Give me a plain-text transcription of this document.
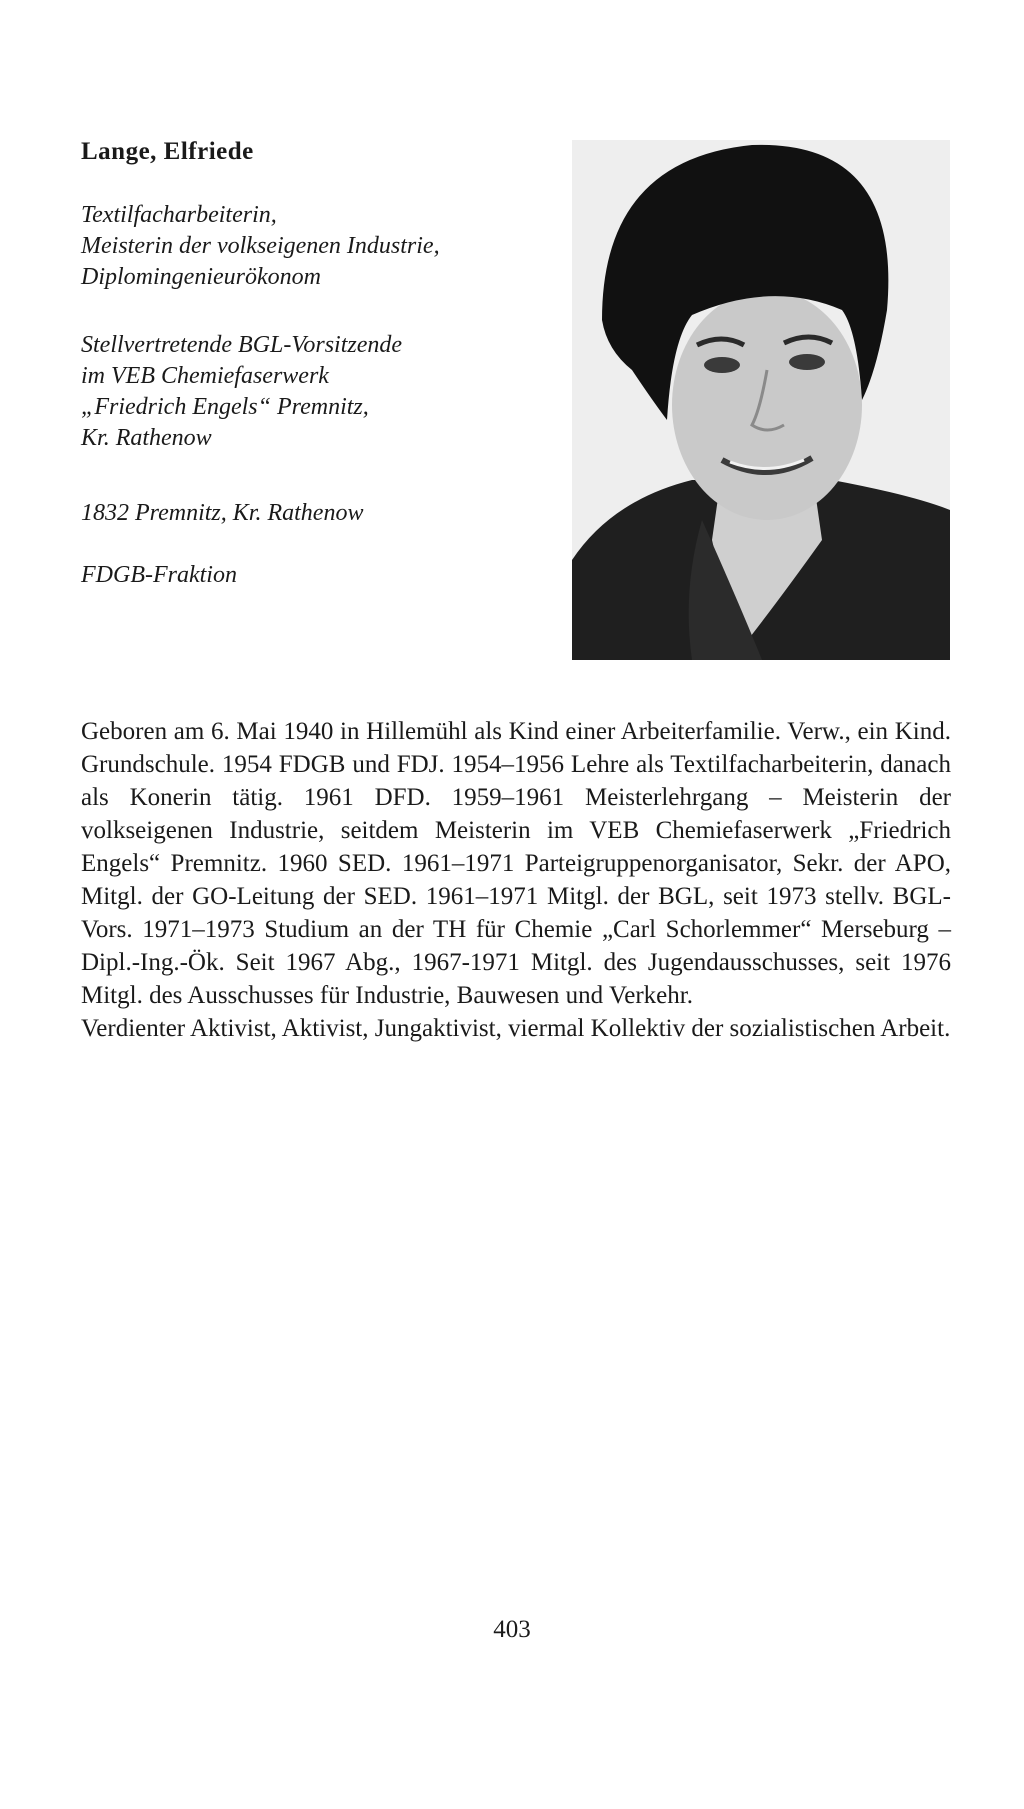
Lange, Elfriede
Textilfacharbeiterin,
Meisterin der volkseigenen Industrie,
Diplomingenieurökonom
Stellvertretende BGL-Vorsitzende
im VEB Chemiefaserwerk
„Friedrich Engels“ Premnitz,
Kr. Rathenow
1832 Premnitz, Kr. Rathenow
FDGB-Fraktion

Geboren am 6. Mai 1940 in Hillemühl als Kind einer Arbeiterfamilie. Verw., ein Kind. Grundschule. 1954 FDGB und FDJ. 1954–1956 Lehre als Textilfacharbeiterin, danach als Konerin tätig. 1961 DFD. 1959–1961 Meisterlehrgang – Meisterin der volkseigenen Industrie, seitdem Meisterin im VEB Chemiefaserwerk „Friedrich Engels“ Premnitz. 1960 SED. 1961–1971 Parteigruppenorganisator, Sekr. der APO, Mitgl. der GO-Leitung der SED. 1961–1971 Mitgl. der BGL, seit 1973 stellv. BGL-Vors. 1971–1973 Studium an der TH für Chemie „Carl Schorlemmer“ Merseburg – Dipl.-Ing.-Ök. Seit 1967 Abg., 1967-1971 Mitgl. des Jugendausschusses, seit 1976 Mitgl. des Ausschusses für Industrie, Bauwesen und Verkehr.

Verdienter Aktivist, Aktivist, Jungaktivist, viermal Kollektiv der sozialistischen Arbeit.

403
